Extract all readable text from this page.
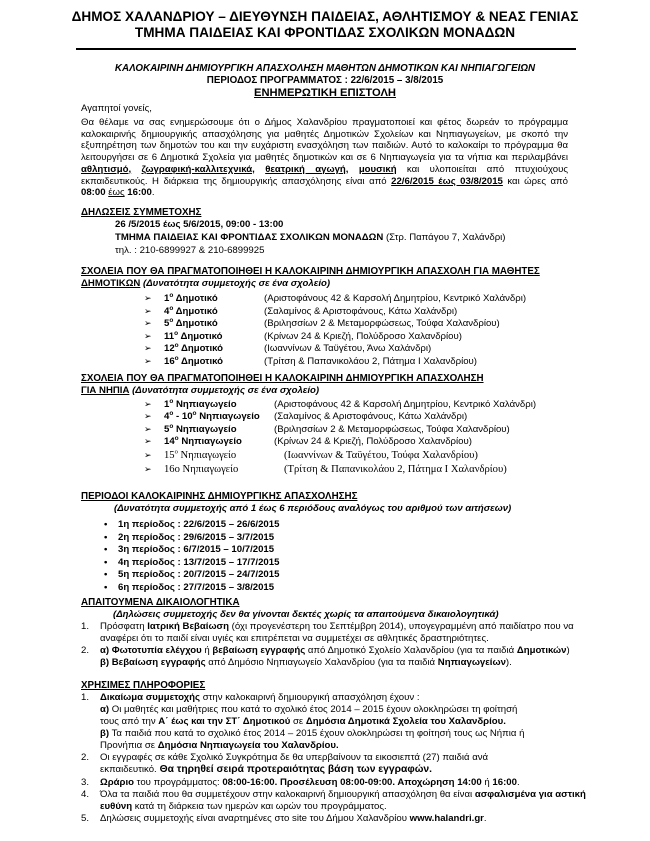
ΔΗΜΟΣ ΧΑΛΑΝΔΡΙΟΥ – ΔΙΕΥΘΥΝΣΗ ΠΑΙΔΕΙΑΣ, ΑΘΛΗΤΙΣΜΟΥ & ΝΕΑΣ ΓΕΝΙΑΣ
ΤΜΗΜΑ ΠΑΙΔΕΙΑΣ ΚΑΙ ΦΡΟΝΤΙΔΑΣ ΣΧΟΛΙΚΩΝ ΜΟΝΑΔΩΝ
ΚΑΛΟΚΑΙΡΙΝΗ ΔΗΜΙΟΥΡΓΙΚΗ ΑΠΑΣΧΟΛΗΣΗ ΜΑΘΗΤΩΝ ΔΗΜΟΤΙΚΩΝ ΚΑΙ ΝΗΠΙΑΓΩΓΕΙΩΝ
ΠΕΡΙΟΔΟΣ ΠΡΟΓΡΑΜΜΑΤΟΣ : 22/6/2015 – 3/8/2015
ΕΝΗΜΕΡΩΤΙΚΗ ΕΠΙΣΤΟΛΗ
Αγαπητοί γονείς,

Θα θέλαμε να σας ενημερώσουμε ότι ο Δήμος Χαλανδρίου πραγματοποιεί και φέτος δωρεάν το πρόγραμμα καλοκαιρινής δημιουργικής απασχόλησης για μαθητές Δημοτικών Σχολείων και Νηπιαγωγείων, με σκοπό την εξυπηρέτηση των δημοτών του και την ευχάριστη ενασχόληση των παιδιών. Αυτό το καλοκαίρι το πρόγραμμα θα λειτουργήσει σε 6 Δημοτικά Σχολεία για μαθητές δημοτικών και σε 6 Νηπιαγωγεία για τα νήπια και περιλαμβάνει αθλητισμό, ζωγραφική-καλλιτεχνικά, θεατρική αγωγή, μουσική και υλοποιείται από πτυχιούχους εκπαιδευτικούς. Η διάρκεια της δημιουργικής απασχόλησης είναι από 22/6/2015 έως 03/8/2015 και ώρες από 08:00 έως 16:00.

ΔΗΛΩΣΕΙΣ ΣΥΜΜΕΤΟΧΗΣ
26 /5/2015 έως 5/6/2015, 09:00 - 13:00
ΤΜΗΜΑ ΠΑΙΔΕΙΑΣ ΚΑΙ ΦΡΟΝΤΙΔΑΣ ΣΧΟΛΙΚΩΝ ΜΟΝΑΔΩΝ (Στρ. Παπάγου 7, Χαλάνδρι)
τηλ. : 210-6899927 & 210-6899925
ΣΧΟΛΕΙΑ ΠΟΥ ΘΑ ΠΡΑΓΜΑΤΟΠΟΙΗΘΕΙ Η ΚΑΛΟΚΑΙΡΙΝΗ ΔΗΜΙΟΥΡΓΙΚΗ ΑΠΑΣΧΟΛΗ ΓΙΑ ΜΑΘΗΤΕΣ
ΔΗΜΟΤΙΚΩΝ (Δυνατότητα συμμετοχής σε ένα σχολείο)
➢ $1^o$ Δημοτικό	(Αριστοφάνους 42 & Καρσολή Δημητρίου, Κεντρικό Χαλάνδρι)
➢ $4^o$ Δημοτικό	(Σαλαμίνος & Αριστοφάνους, Κάτω Χαλάνδρι)
➢ $5^o$ Δημοτικό	(Βριλησσίων 2 & Μεταμορφώσεως, Τούφα Χαλανδρίου)
➢ $11^o$ Δημοτικό	(Κρίνων 24 & Κριεζή, Πολύδροσο Χαλανδρίου)
➢ $12^o$ Δημοτικό	(Ιωαννίνων & Ταϋγέτου, Άνω Χαλάνδρι)
➢ $16^o$ Δημοτικό	(Τρίτση & Παπανικολάου 2, Πάτημα Ι Χαλανδρίου)
ΣΧΟΛΕΙΑ ΠΟΥ ΘΑ ΠΡΑΓΜΑΤΟΠΟΙΗΘΕΙ Η ΚΑΛΟΚΑΙΡΙΝΗ ΔΗΜΙΟΥΡΓΙΚΗ ΑΠΑΣΧΟΛΗΣΗ
ΓΙΑ ΝΗΠΙΑ (Δυνατότητα συμμετοχής σε ένα σχολείο)
➢ $1^o$ Νηπιαγωγείο	(Αριστοφάνους 42 & Καρσολή Δημητρίου, Κεντρικό Χαλάνδρι)
➢ $4^o - 10^o$ Νηπιαγωγείο (Σαλαμίνος & Αριστοφάνους, Κάτω Χαλάνδρι)
➢ $5^o$ Νηπιαγωγείο	(Βριλησσίων 2 & Μεταμορφώσεως, Τούφα Χαλανδρίου)
➢ $14^o$ Νηπιαγωγείο	(Κρίνων 24 & Κριεζή, Πολύδροσο Χαλανδρίου)
➢ $15^o$ Νηπιαγωγείο	(Ιωαννίνων & Ταϋγέτου, Τούφα Χαλανδρίου)
➢ 16ο Νηπιαγωγείο	(Τρίτση & Παπανικολάου 2, Πάτημα Ι Χαλανδρίου)
ΠΕΡΙΟΔΟΙ ΚΑΛΟΚΑΙΡΙΝΗΣ ΔΗΜΙΟΥΡΓΙΚΗΣ ΑΠΑΣΧΟΛΗΣΗΣ
(Δυνατότητα συμμετοχής από 1 έως 6 περιόδους αναλόγως του αριθμού των αιτήσεων)
• 1η περίοδος : 22/6/2015 – 26/6/2015
• 2η περίοδος : 29/6/2015 – 3/7/2015
• 3η περίοδος : 6/7/2015 – 10/7/2015
• 4η περίοδος : 13/7/2015 – 17/7/2015
• 5η περίοδος : 20/7/2015 – 24/7/2015
• 6η περίοδος : 27/7/2015 – 3/8/2015
ΑΠΑΙΤΟΥΜΕΝΑ ΔΙΚΑΙΟΛΟΓΗΤΙΚΑ
(Δηλώσεις συμμετοχής δεν θα γίνονται δεκτές χωρίς τα απαιτούμενα δικαιολογητικά)
1. Πρόσφατη Ιατρική Βεβαίωση (όχι προγενέστερη του Σεπτέμβρη 2014), υπογεγραμμένη από παιδίατρο που να
αναφέρει ότι το παιδί είναι υγιές και επιτρέπεται να συμμετέχει σε αθλητικές δραστηριότητες.
2. α) Φωτοτυπία ελέγχου ή βεβαίωση εγγραφής από Δημοτικό Σχολείο Χαλανδρίου (για τα παιδιά Δημοτικών)
β) Βεβαίωση εγγραφής από Δημόσιο Νηπιαγωγείο Χαλανδρίου (για τα παιδιά Νηπιαγωγείων).
ΧΡΗΣΙΜΕΣ ΠΛΗΡΟΦΟΡΙΕΣ
1. Δικαίωμα συμμετοχής στην καλοκαιρινή δημιουργική απασχόληση έχουν :
α) Οι μαθητές και μαθήτριες που κατά το σχολικό έτος 2014 – 2015 έχουν ολοκληρώσει τη φοίτησή
τους από την Α΄ έως και την ΣΤ΄ Δημοτικού σε Δημόσια Δημοτικά Σχολεία του Χαλανδρίου.
β) Τα παιδιά που κατά το σχολικό έτος 2014 – 2015 έχουν ολοκληρώσει τη φοίτησή τους ως Νήπια ή
Προνήπια σε Δημόσια Νηπιαγωγεία του Χαλανδρίου.
2. Οι εγγραφές σε κάθε Σχολικό Συγκρότημα δε θα υπερβαίνουν τα εικοσιεπτά (27) παιδιά ανά
εκπαιδευτικό. Θα τηρηθεί σειρά προτεραιότητας βάση των εγγραφών.
3. Ωράριο του προγράμματος: 08:00-16:00. Προσέλευση 08:00-09:00. Αποχώρηση 14:00 ή 16:00.
4. Όλα τα παιδιά που θα συμμετέχουν στην καλοκαιρινή δημιουργική απασχόληση θα είναι ασφαλισμένα για αστική
ευθύνη κατά τη διάρκεια των ημερών και ωρών του προγράμματος.
5. Δηλώσεις συμμετοχής είναι αναρτημένες στο site του Δήμου Χαλανδρίου www.halandri.gr.
